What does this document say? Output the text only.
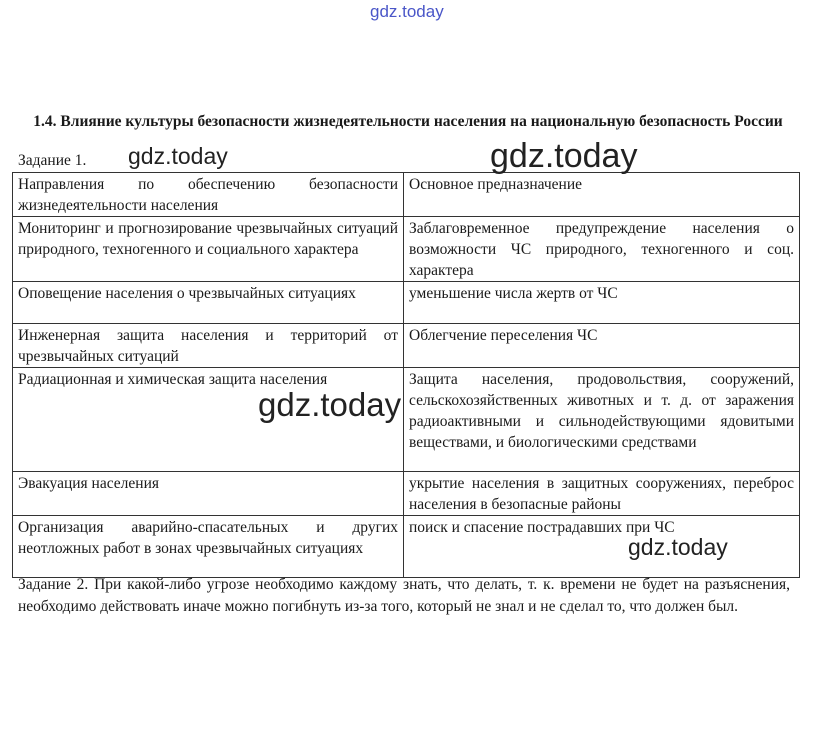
gdz.today
1.4. Влияние культуры безопасности жизнедеятельности населения на национальную безопасность России
Задание 1.
Направления по обеспечению безопасности жизнедеятельности населения	Основное предназначение
Мониторинг и прогнозирование чрезвычайных ситуаций природного, техногенного и социального характера	Заблаговременное предупреждение населения о возможности ЧС природного, техногенного и соц. характера
Оповещение населения о чрезвычайных ситуациях	уменьшение числа жертв от ЧС
Инженерная защита населения и территорий от чрезвычайных ситуаций	Облегчение переселения ЧС
Радиационная и химическая защита населения	Защита населения, продовольствия, сооружений, сельскохозяйственных животных и т. д. от заражения радиоактивными и сильнодействующими ядовитыми веществами, и биологическими средствами
Эвакуация населения	укрытие населения в защитных сооружениях, переброс населения в безопасные районы
Организация аварийно-спасательных и других неотложных работ в зонах чрезвычайных ситуациях	поиск и спасение пострадавших при ЧС
Задание 2. При какой-либо угрозе необходимо каждому знать, что делать, т. к. времени не будет на разъяснения, необходимо действовать иначе можно погибнуть из-за того, который не знал и не сделал то, что должен был.
gdz.today	gdz.today
gdz.today
gdz.today
